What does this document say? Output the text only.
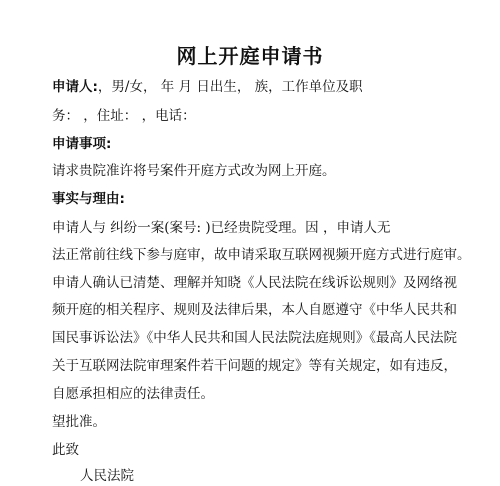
网上开庭申请书
申请人:，男/女， 年 月 日出生， 族，工作单位及职
务： ，住址： ，电话：
申请事项:
请求贵院准许将号案件开庭方式改为网上开庭。
事实与理由:
申请人与 纠纷一案(案号: )已经贵院受理。因 ，申请人无
法正常前往线下参与庭审，故申请采取互联网视频开庭方式进行庭审。
申请人确认已清楚、理解并知晓《人民法院在线诉讼规则》及网络视
频开庭的相关程序、规则及法律后果，本人自愿遵守《中华人民共和
国民事诉讼法》《中华人民共和国人民法院法庭规则》《最高人民法院
关于互联网法院审理案件若干问题的规定》等有关规定，如有违反，
自愿承担相应的法律责任。
望批准。
此致
人民法院
